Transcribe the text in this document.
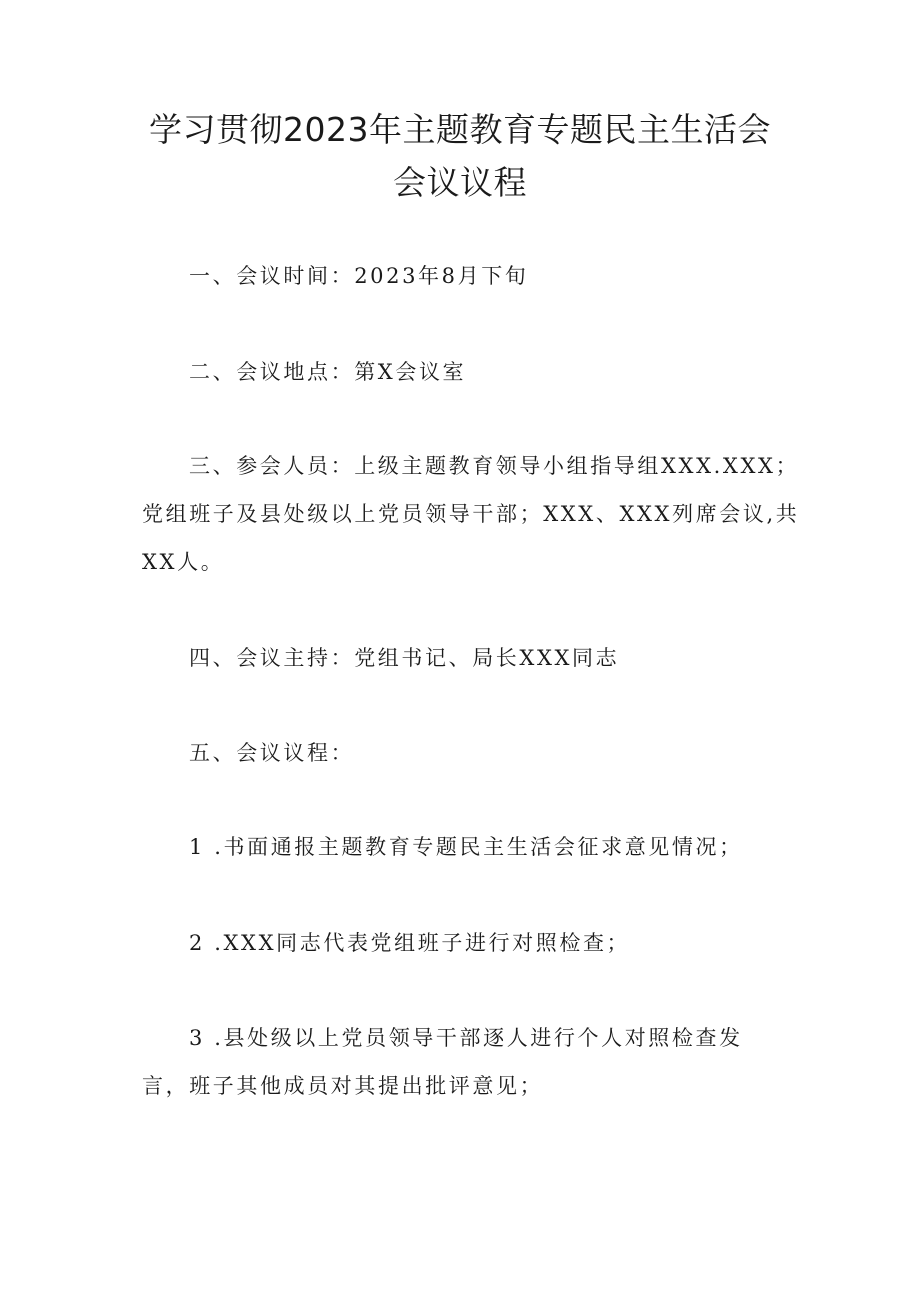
学习贯彻2023年主题教育专题民主生活会
会议议程
一、会议时间：2023年8月下旬
二、会议地点：第X会议室
三、参会人员：上级主题教育领导小组指导组XXX.XXX；
党组班子及县处级以上党员领导干部；XXX、XXX列席会议,共
XX人。
四、会议主持：党组书记、局长XXX同志
五、会议议程：
1 .书面通报主题教育专题民主生活会征求意见情况；
2 .XXX同志代表党组班子进行对照检查；
3 .县处级以上党员领导干部逐人进行个人对照检查发
言，班子其他成员对其提出批评意见；
